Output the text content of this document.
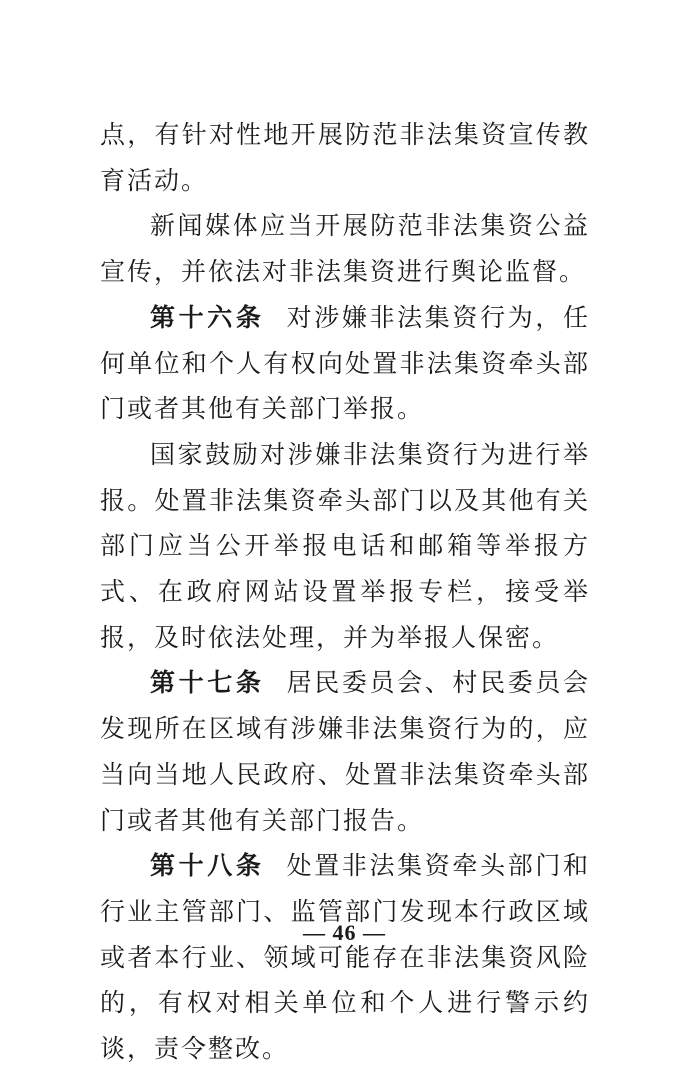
点，有针对性地开展防范非法集资宣传教育活动。

新闻媒体应当开展防范非法集资公益宣传，并依法对非法集资进行舆论监督。

第十六条 对涉嫌非法集资行为，任何单位和个人有权向处置非法集资牵头部门或者其他有关部门举报。

国家鼓励对涉嫌非法集资行为进行举报。处置非法集资牵头部门以及其他有关部门应当公开举报电话和邮箱等举报方式、在政府网站设置举报专栏，接受举报，及时依法处理，并为举报人保密。

第十七条 居民委员会、村民委员会发现所在区域有涉嫌非法集资行为的，应当向当地人民政府、处置非法集资牵头部门或者其他有关部门报告。

第十八条 处置非法集资牵头部门和行业主管部门、监管部门发现本行政区域或者本行业、领域可能存在非法集资风险的，有权对相关单位和个人进行警示约谈，责令整改。

— 46 —
